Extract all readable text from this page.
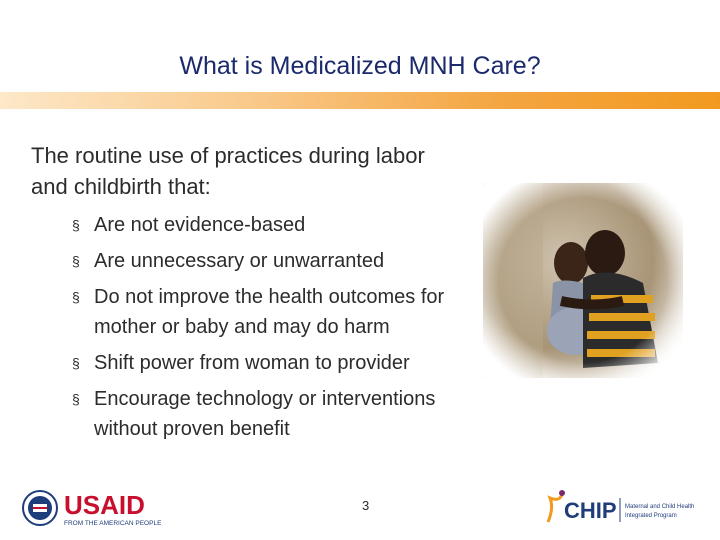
What is Medicalized MNH Care?
The routine use of practices during labor and childbirth that:
§ Are not evidence-based
§ Are unnecessary or unwarranted
§ Do not improve the health outcomes for mother or baby and may do harm
§ Shift power from woman to provider
§ Encourage technology or interventions without proven benefit
3
USAID
FROM THE AMERICAN PEOPLE
CHIP Maternal and Child Health
Integrated Program
